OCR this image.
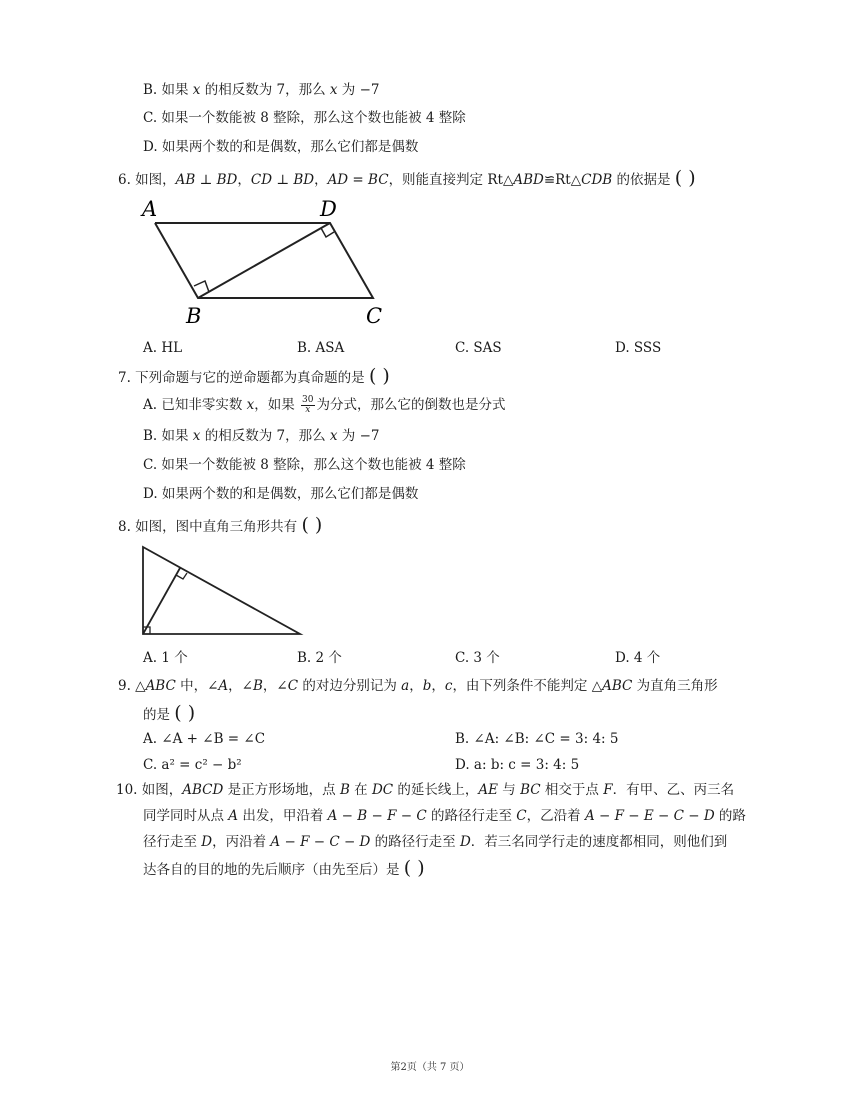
B. 如果 x 的相反数为 7，那么 x 为 −7
C. 如果一个数能被 8 整除，那么这个数也能被 4 整除
D. 如果两个数的和是偶数，那么它们都是偶数
6. 如图，AB ⊥ BD，CD ⊥ BD，AD = BC，则能直接判定 Rt△ABD≌Rt△CDB 的依据是 ( )
A	D
B	C
A. HL	B. ASA	C. SAS	D. SSS
7. 下列命题与它的逆命题都为真命题的是 ( )
A. 已知非零实数 x，如果 $\frac{30}{x}$ 为分式，那么它的倒数也是分式
B. 如果 x 的相反数为 7，那么 x 为 −7
C. 如果一个数能被 8 整除，那么这个数也能被 4 整除
D. 如果两个数的和是偶数，那么它们都是偶数
8. 如图，图中直角三角形共有 ( )
A. 1 个	B. 2 个	C. 3 个	D. 4 个
9. △ABC 中，∠A，∠B，∠C 的对边分别记为 a，b，c，由下列条件不能判定 △ABC 为直角三角形
的是 ( )
A. ∠A + ∠B = ∠C	B. ∠A: ∠B: ∠C = 3: 4: 5
C. a² = c² − b²	D. a: b: c = 3: 4: 5
10. 如图，ABCD 是正方形场地，点 B 在 DC 的延长线上，AE 与 BC 相交于点 F．有甲、乙、丙三名
同学同时从点 A 出发，甲沿着 A − B − F − C 的路径行走至 C，乙沿着 A − F − E − C − D 的路
径行走至 D，丙沿着 A − F − C − D 的路径行走至 D．若三名同学行走的速度都相同，则他们到
达各自的目的地的先后顺序（由先至后）是 ( )
第2页（共 7 页）
